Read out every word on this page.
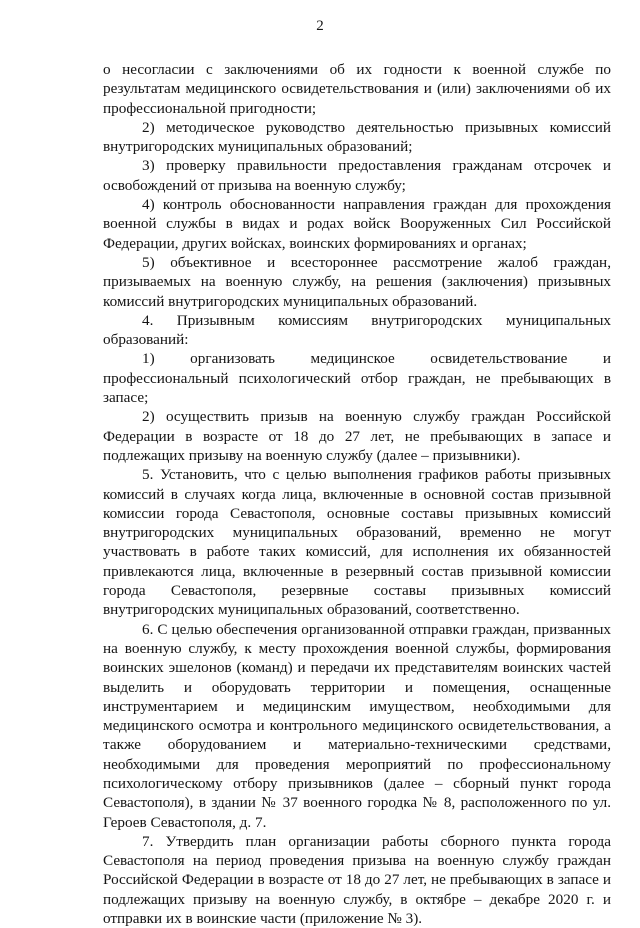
2

о несогласии с заключениями об их годности к военной службе по результатам медицинского освидетельствования и (или) заключениями об их профессиональной пригодности;

2) методическое руководство деятельностью призывных комиссий внутригородских муниципальных образований;

3) проверку правильности предоставления гражданам отсрочек и освобождений от призыва на военную службу;

4) контроль обоснованности направления граждан для прохождения военной службы в видах и родах войск Вооруженных Сил Российской Федерации, других войсках, воинских формированиях и органах;

5) объективное и всестороннее рассмотрение жалоб граждан, призываемых на военную службу, на решения (заключения) призывных комиссий внутригородских муниципальных образований.

4. Призывным комиссиям внутригородских муниципальных образований:

1) организовать медицинское освидетельствование и профессиональный психологический отбор граждан, не пребывающих в запасе;

2) осуществить призыв на военную службу граждан Российской Федерации в возрасте от 18 до 27 лет, не пребывающих в запасе и подлежащих призыву на военную службу (далее – призывники).

5. Установить, что с целью выполнения графиков работы призывных комиссий в случаях когда лица, включенные в основной состав призывной комиссии города Севастополя, основные составы призывных комиссий внутригородских муниципальных образований, временно не могут участвовать в работе таких комиссий, для исполнения их обязанностей привлекаются лица, включенные в резервный состав призывной комиссии города Севастополя, резервные составы призывных комиссий внутригородских муниципальных образований, соответственно.

6. С целью обеспечения организованной отправки граждан, призванных на военную службу, к месту прохождения военной службы, формирования воинских эшелонов (команд) и передачи их представителям воинских частей выделить и оборудовать территории и помещения, оснащенные инструментарием и медицинским имуществом, необходимыми для медицинского осмотра и контрольного медицинского освидетельствования, а также оборудованием и материально-техническими средствами, необходимыми для проведения мероприятий по профессиональному психологическому отбору призывников (далее – сборный пункт города Севастополя), в здании № 37 военного городка № 8, расположенного по ул. Героев Севастополя, д. 7.

7. Утвердить план организации работы сборного пункта города Севастополя на период проведения призыва на военную службу граждан Российской Федерации в возрасте от 18 до 27 лет, не пребывающих в запасе и подлежащих призыву на военную службу, в октябре – декабре 2020 г. и отправки их в воинские части (приложение № 3).
